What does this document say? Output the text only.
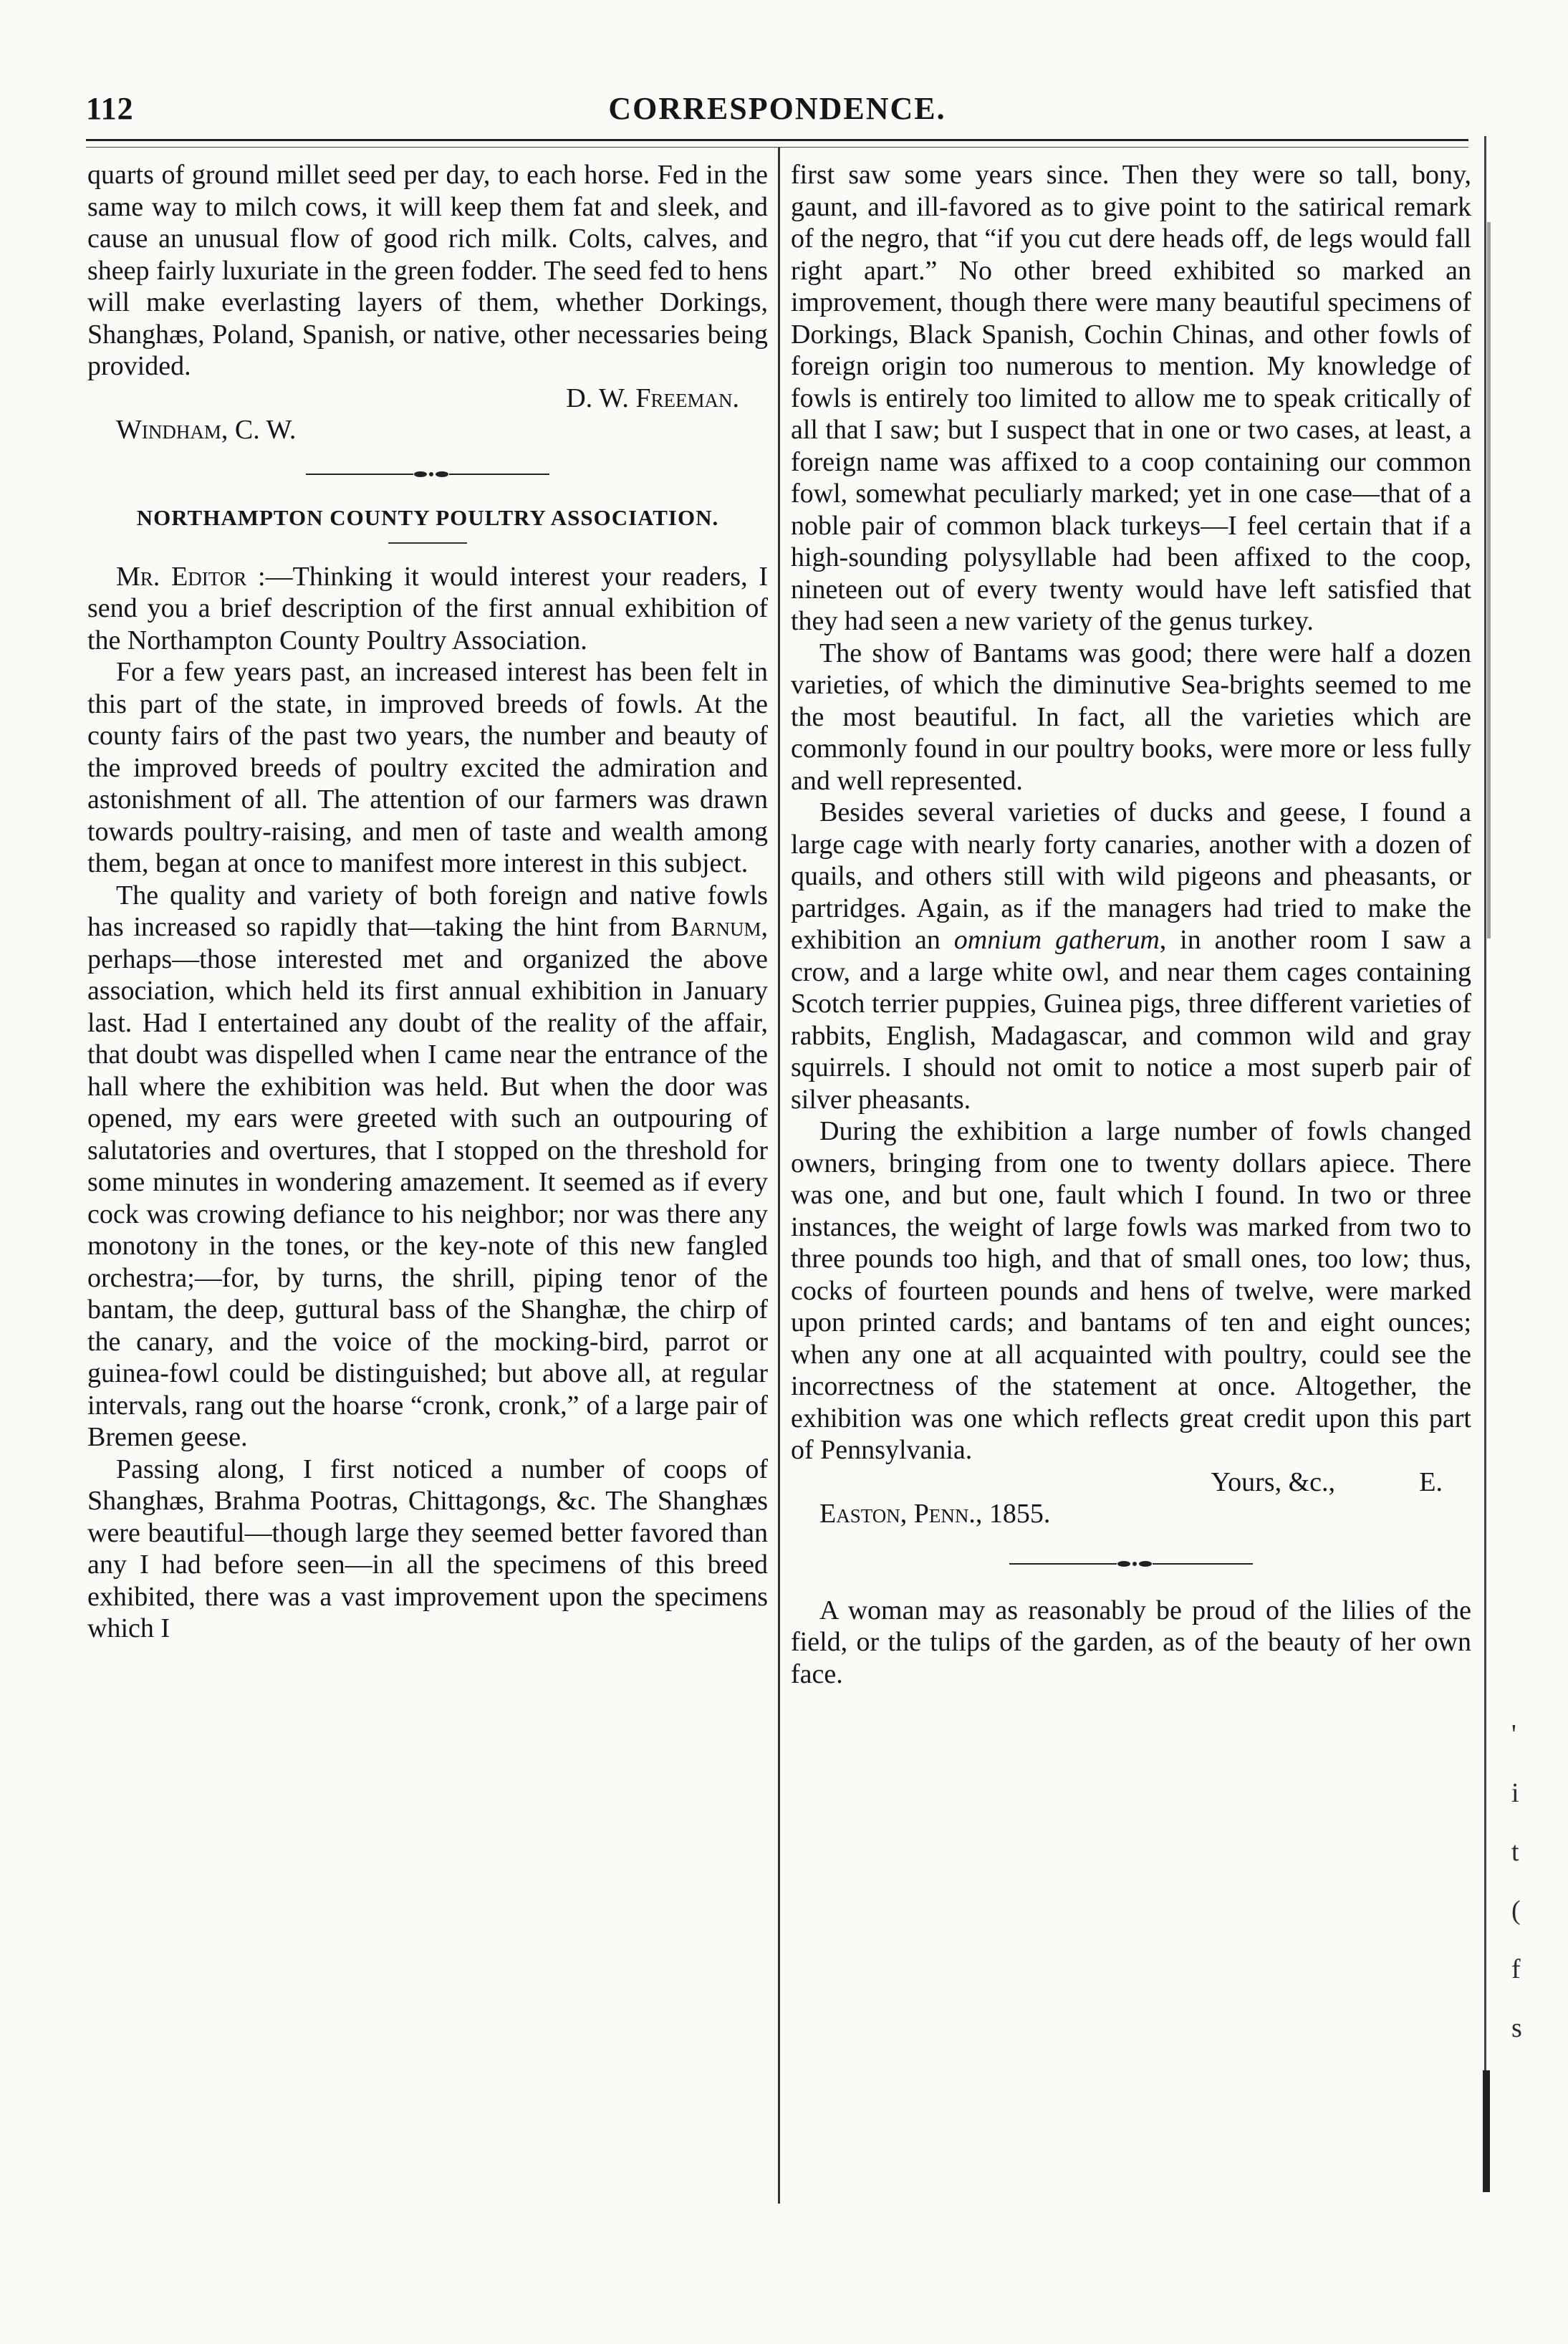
112	CORRESPONDENCE.

quarts of ground millet seed per day, to each horse. Fed in the same way to milch cows, it will keep them fat and sleek, and cause an unusual flow of good rich milk. Colts, calves, and sheep fairly luxuriate in the green fodder. The seed fed to hens will make everlasting layers of them, whether Dorkings, Shanghæs, Poland, Spanish, or native, other necessaries being provided.

D. W. Freeman.

Windham, C. W.

NORTHAMPTON COUNTY POULTRY ASSOCIATION.

Mr. Editor :—Thinking it would interest your readers, I send you a brief description of the first annual exhibition of the Northampton County Poultry Association.

For a few years past, an increased interest has been felt in this part of the state, in improved breeds of fowls. At the county fairs of the past two years, the number and beauty of the improved breeds of poultry excited the admiration and astonishment of all. The attention of our farmers was drawn towards poultry-raising, and men of taste and wealth among them, began at once to manifest more interest in this subject.

The quality and variety of both foreign and native fowls has increased so rapidly that—taking the hint from Barnum, perhaps—those interested met and organized the above association, which held its first annual exhibition in January last. Had I entertained any doubt of the reality of the affair, that doubt was dispelled when I came near the entrance of the hall where the exhibition was held. But when the door was opened, my ears were greeted with such an outpouring of salutatories and overtures, that I stopped on the threshold for some minutes in wondering amazement. It seemed as if every cock was crowing defiance to his neighbor; nor was there any monotony in the tones, or the key-note of this new fangled orchestra;—for, by turns, the shrill, piping tenor of the bantam, the deep, guttural bass of the Shanghæ, the chirp of the canary, and the voice of the mocking-bird, parrot or guinea-fowl could be distinguished; but above all, at regular intervals, rang out the hoarse “cronk, cronk,” of a large pair of Bremen geese.

Passing along, I first noticed a number of coops of Shanghæs, Brahma Pootras, Chittagongs, &c. The Shanghæs were beautiful—though large they seemed better favored than any I had before seen—in all the specimens of this breed exhibited, there was a vast improvement upon the specimens which I

first saw some years since. Then they were so tall, bony, gaunt, and ill-favored as to give point to the satirical remark of the negro, that “if you cut dere heads off, de legs would fall right apart.” No other breed exhibited so marked an improvement, though there were many beautiful specimens of Dorkings, Black Spanish, Cochin Chinas, and other fowls of foreign origin too numerous to mention. My knowledge of fowls is entirely too limited to allow me to speak critically of all that I saw; but I suspect that in one or two cases, at least, a foreign name was affixed to a coop containing our common fowl, somewhat peculiarly marked; yet in one case—that of a noble pair of common black turkeys—I feel certain that if a high-sounding polysyllable had been affixed to the coop, nineteen out of every twenty would have left satisfied that they had seen a new variety of the genus turkey.

The show of Bantams was good; there were half a dozen varieties, of which the diminutive Sea-brights seemed to me the most beautiful. In fact, all the varieties which are commonly found in our poultry books, were more or less fully and well represented.

Besides several varieties of ducks and geese, I found a large cage with nearly forty canaries, another with a dozen of quails, and others still with wild pigeons and pheasants, or partridges. Again, as if the managers had tried to make the exhibition an omnium gatherum, in another room I saw a crow, and a large white owl, and near them cages containing Scotch terrier puppies, Guinea pigs, three different varieties of rabbits, English, Madagascar, and common wild and gray squirrels. I should not omit to notice a most superb pair of silver pheasants.

During the exhibition a large number of fowls changed owners, bringing from one to twenty dollars apiece. There was one, and but one, fault which I found. In two or three instances, the weight of large fowls was marked from two to three pounds too high, and that of small ones, too low; thus, cocks of fourteen pounds and hens of twelve, were marked upon printed cards; and bantams of ten and eight ounces; when any one at all acquainted with poultry, could see the incorrectness of the statement at once. Altogether, the exhibition was one which reflects great credit upon this part of Pennsylvania.

Yours, &c.,	E.

Easton, Penn., 1855.

A woman may as reasonably be proud of the lilies of the field, or the tulips of the garden, as of the beauty of her own face.

'
i
t
(
f
s
